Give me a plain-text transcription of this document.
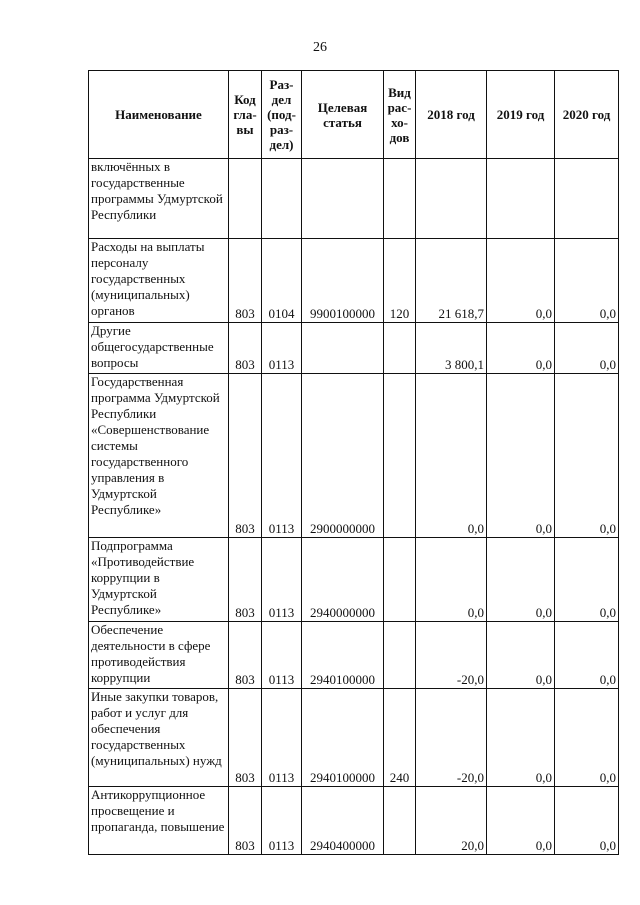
26
Наименование	Код гла- вы	Раз- дел (под- раз- дел)	Целевая статья	Вид рас- хо- дов	2018 год	2019 год	2020 год
включённых в государственные программы Удмуртской Республики							
Расходы на выплаты персоналу государственных (муниципальных) органов	803	0104	9900100000	120	21 618,7	0,0	0,0
Другие общегосударственные вопросы	803	0113			3 800,1	0,0	0,0
Государственная программа Удмуртской Республики «Совершенствование системы государственного управления в Удмуртской Республике»	803	0113	2900000000		0,0	0,0	0,0
Подпрограмма «Противодействие коррупции в Удмуртской Республике»	803	0113	2940000000		0,0	0,0	0,0
Обеспечение деятельности в сфере противодействия коррупции	803	0113	2940100000		-20,0	0,0	0,0
Иные закупки товаров, работ и услуг для обеспечения государственных (муниципальных) нужд	803	0113	2940100000	240	-20,0	0,0	0,0
Антикоррупционное просвещение и пропаганда, повышение	803	0113	2940400000		20,0	0,0	0,0
